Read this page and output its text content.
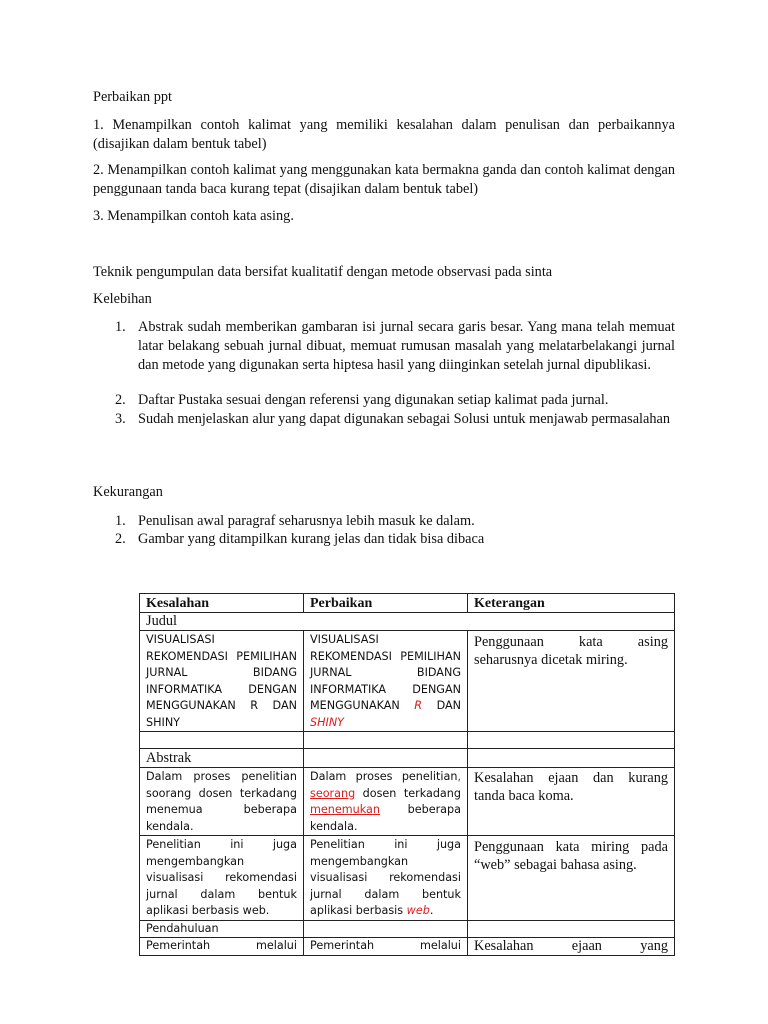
Perbaikan ppt
1. Menampilkan contoh kalimat yang memiliki kesalahan dalam penulisan dan perbaikannya (disajikan dalam bentuk tabel)
2. Menampilkan contoh kalimat yang menggunakan kata bermakna ganda dan contoh kalimat dengan penggunaan tanda baca kurang tepat (disajikan dalam bentuk tabel)
3. Menampilkan contoh kata asing.
Teknik pengumpulan data bersifat kualitatif dengan metode observasi pada sinta
Kelebihan
1. Abstrak sudah memberikan gambaran isi jurnal secara garis besar. Yang mana telah memuat latar belakang sebuah jurnal dibuat, memuat rumusan masalah yang melatarbelakangi jurnal dan metode yang digunakan serta hiptesa hasil yang diinginkan setelah jurnal dipublikasi.
2. Daftar Pustaka sesuai dengan referensi yang digunakan setiap kalimat pada jurnal.
3. Sudah menjelaskan alur yang dapat digunakan sebagai Solusi untuk menjawab permasalahan
Kekurangan
1. Penulisan awal paragraf seharusnya lebih masuk ke dalam.
2. Gambar yang ditampilkan kurang jelas dan tidak bisa dibaca
Kesalahan	Perbaikan	Keterangan
Judul		
VISUALISASI REKOMENDASI PEMILIHAN JURNAL BIDANG INFORMATIKA DENGAN MENGGUNAKAN R DAN SHINY	VISUALISASI REKOMENDASI PEMILIHAN JURNAL BIDANG INFORMATIKA DENGAN MENGGUNAKAN R DAN SHINY	Penggunaan kata asing seharusnya dicetak miring.

Abstrak		
Dalam proses penelitian soorang dosen terkadang menemua beberapa kendala.	Dalam proses penelitian, seorang dosen terkadang menemukan beberapa kendala.	Kesalahan ejaan dan kurang tanda baca koma.
Penelitian ini juga mengembangkan visualisasi rekomendasi jurnal dalam bentuk aplikasi berbasis web.	Penelitian ini juga mengembangkan visualisasi rekomendasi jurnal dalam bentuk aplikasi berbasis web.	Penggunaan kata miring pada “web” sebagai bahasa asing.
Pendahuluan		
Pemerintah melalui	Pemerintah melalui	Kesalahan ejaan yang
